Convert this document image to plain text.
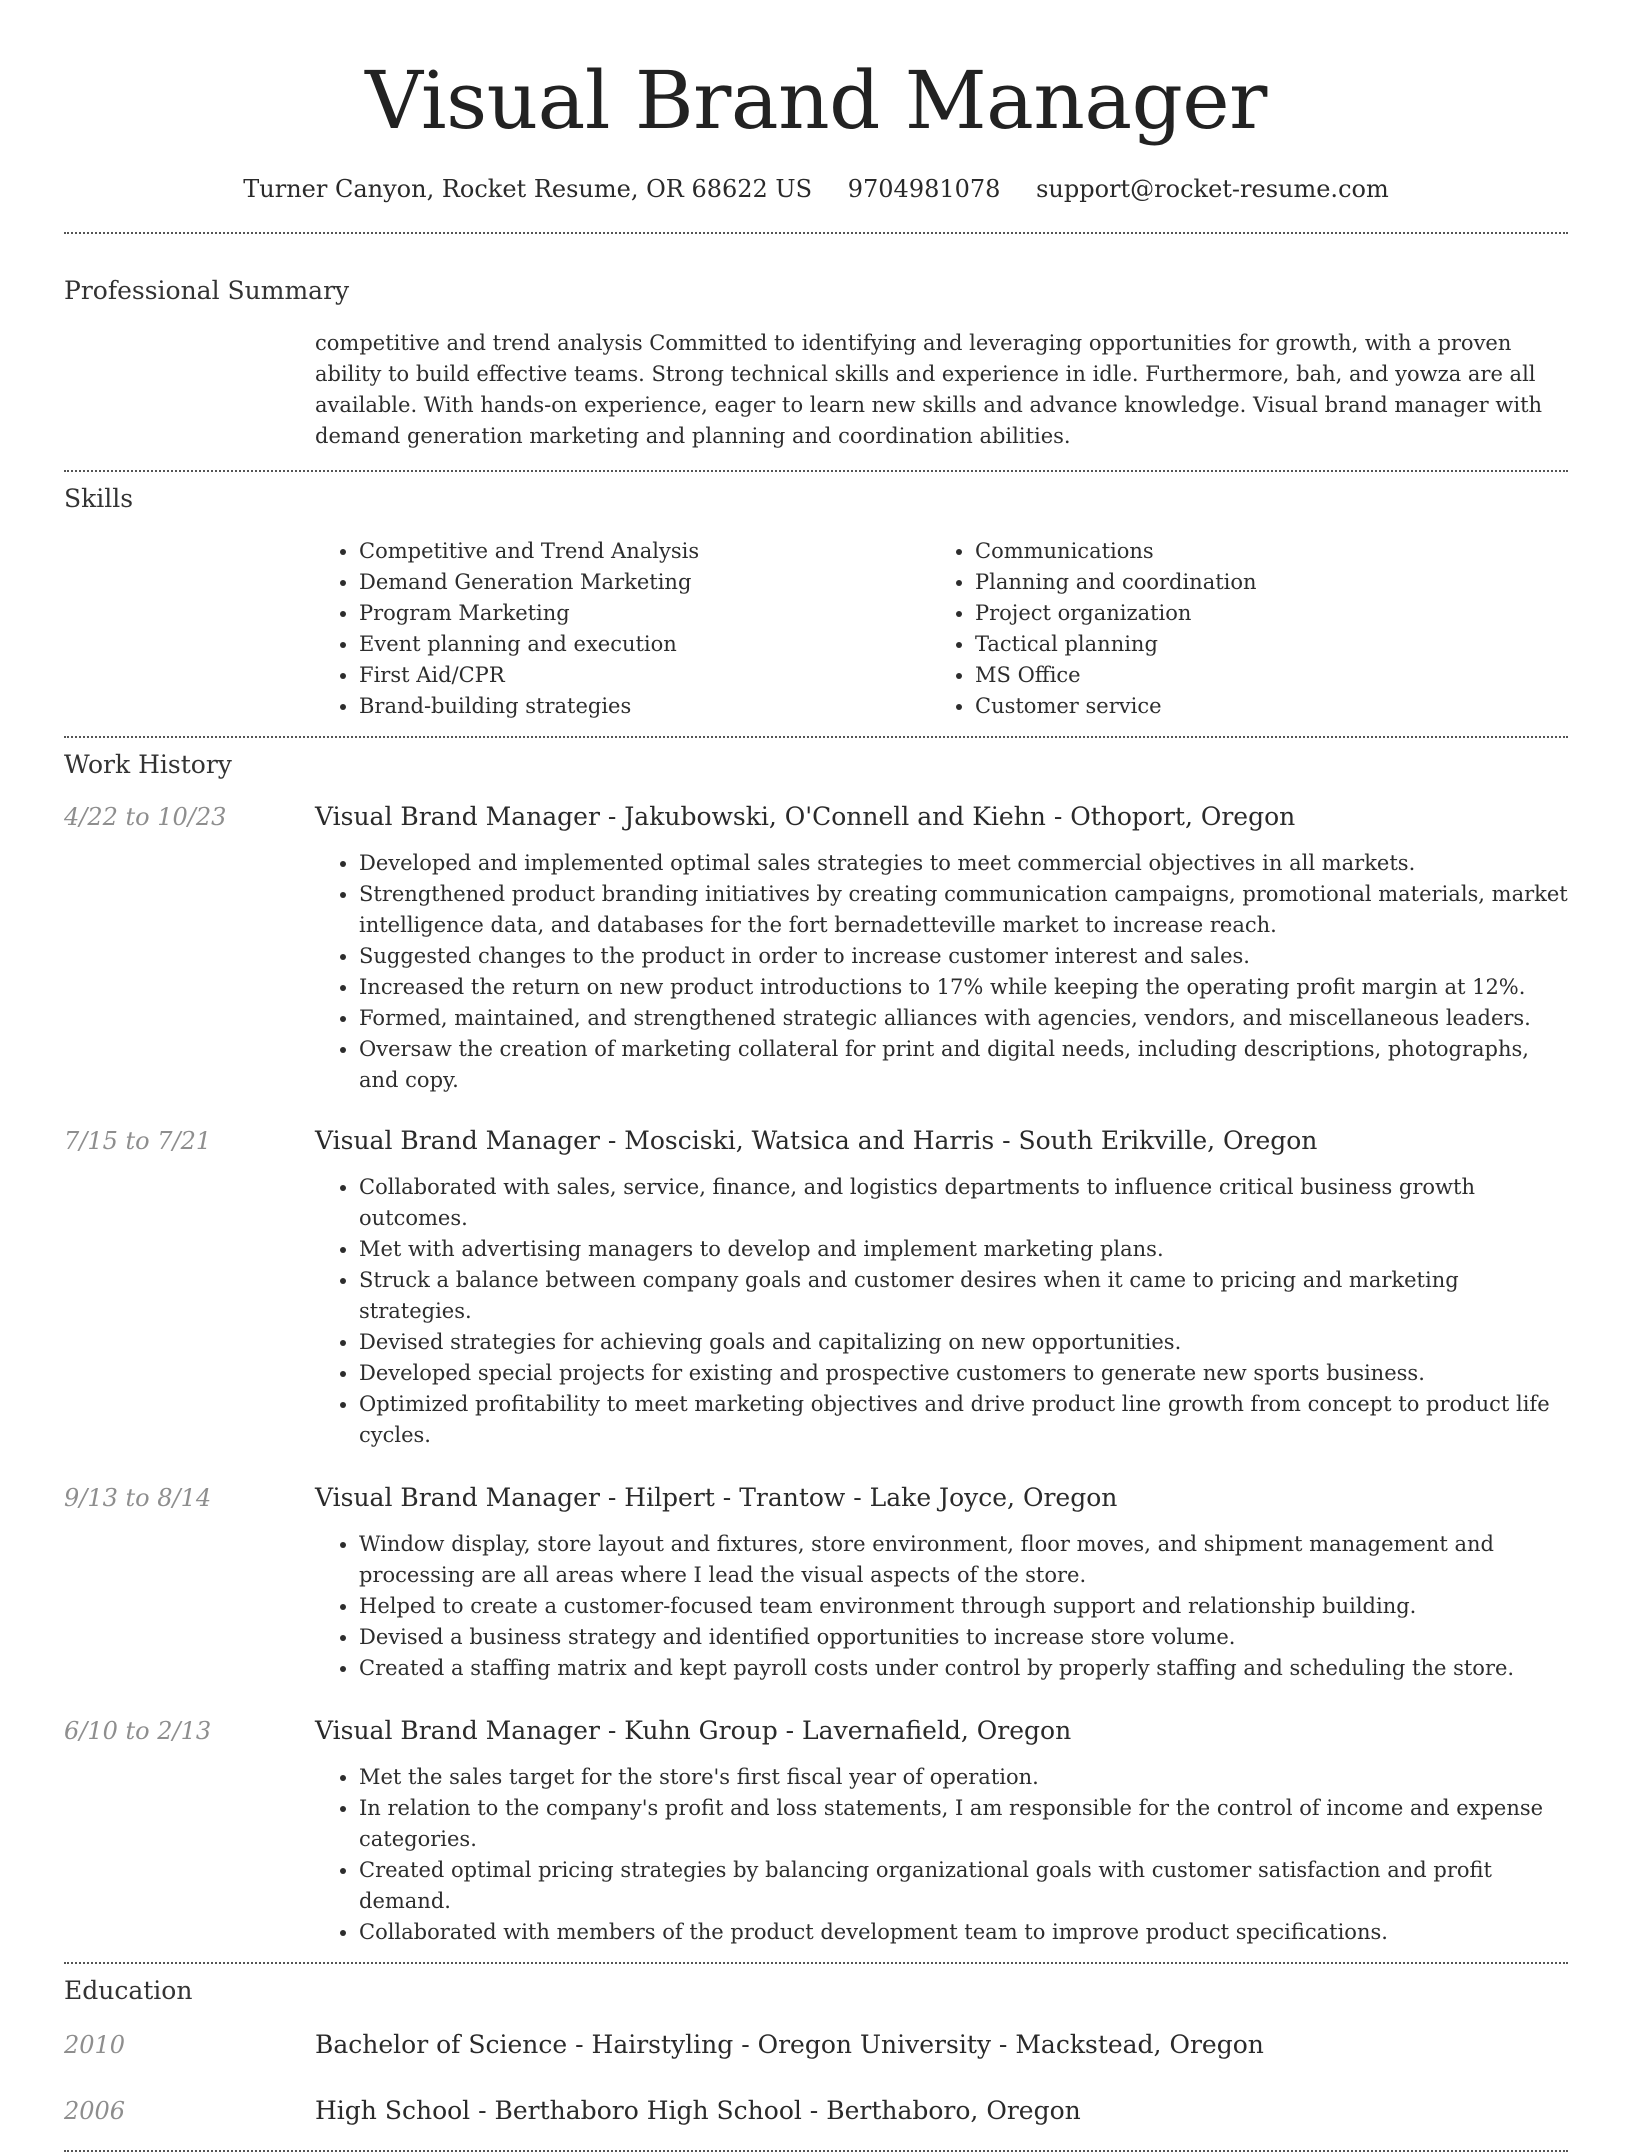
Visual Brand Manager
Turner Canyon, Rocket Resume, OR 68622 US 9704981078 support@rocket-resume.com
Professional Summary

competitive and trend analysis Committed to identifying and leveraging opportunities for growth, with a proven ability to build effective teams. Strong technical skills and experience in idle. Furthermore, bah, and yowza are all available. With hands-on experience, eager to learn new skills and advance knowledge. Visual brand manager with demand generation marketing and planning and coordination abilities.

Skills
• Competitive and Trend Analysis
• Demand Generation Marketing
• Program Marketing
• Event planning and execution
• First Aid/CPR
• Brand-building strategies
• Communications
• Planning and coordination
• Project organization
• Tactical planning
• MS Office
• Customer service
Work History
4/22 to 10/23	Visual Brand Manager - Jakubowski, O'Connell and Kiehn - Othoport, Oregon
• Developed and implemented optimal sales strategies to meet commercial objectives in all markets.
• Strengthened product branding initiatives by creating communication campaigns, promotional materials, market intelligence data, and databases for the fort bernadetteville market to increase reach.
• Suggested changes to the product in order to increase customer interest and sales.
• Increased the return on new product introductions to 17% while keeping the operating profit margin at 12%.
• Formed, maintained, and strengthened strategic alliances with agencies, vendors, and miscellaneous leaders.
• Oversaw the creation of marketing collateral for print and digital needs, including descriptions, photographs, and copy.
7/15 to 7/21	Visual Brand Manager - Mosciski, Watsica and Harris - South Erikville, Oregon
• Collaborated with sales, service, finance, and logistics departments to influence critical business growth outcomes.
• Met with advertising managers to develop and implement marketing plans.
• Struck a balance between company goals and customer desires when it came to pricing and marketing strategies.
• Devised strategies for achieving goals and capitalizing on new opportunities.
• Developed special projects for existing and prospective customers to generate new sports business.
• Optimized profitability to meet marketing objectives and drive product line growth from concept to product life cycles.
9/13 to 8/14	Visual Brand Manager - Hilpert - Trantow - Lake Joyce, Oregon
• Window display, store layout and fixtures, store environment, floor moves, and shipment management and processing are all areas where I lead the visual aspects of the store.
• Helped to create a customer-focused team environment through support and relationship building.
• Devised a business strategy and identified opportunities to increase store volume.
• Created a staffing matrix and kept payroll costs under control by properly staffing and scheduling the store.
6/10 to 2/13	Visual Brand Manager - Kuhn Group - Lavernafield, Oregon
• Met the sales target for the store's first fiscal year of operation.
• In relation to the company's profit and loss statements, I am responsible for the control of income and expense categories.
• Created optimal pricing strategies by balancing organizational goals with customer satisfaction and profit demand.
• Collaborated with members of the product development team to improve product specifications.
Education
2010	Bachelor of Science - Hairstyling - Oregon University - Mackstead, Oregon
2006	High School - Berthaboro High School - Berthaboro, Oregon
